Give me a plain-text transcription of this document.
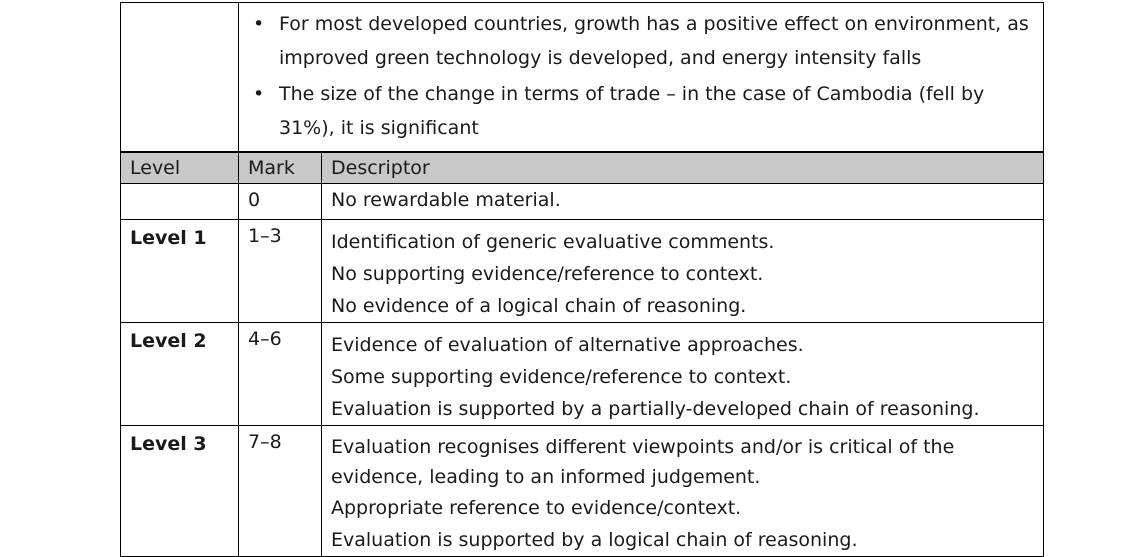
• For most developed countries, growth has a positive effect on environment, as improved green technology is developed, and energy intensity falls
• The size of the change in terms of trade – in the case of Cambodia (fell by 31%), it is significant
Level	Mark	Descriptor
	0	No rewardable material.

Level 1	1–3	Identification of generic evaluative comments.
No supporting evidence/reference to context.
No evidence of a logical chain of reasoning.

Level 2	4–6	Evidence of evaluation of alternative approaches.
Some supporting evidence/reference to context.
Evaluation is supported by a partially-developed chain of reasoning.

Level 3	7–8	Evaluation recognises different viewpoints and/or is critical of the evidence, leading to an informed judgement.
Appropriate reference to evidence/context.
Evaluation is supported by a logical chain of reasoning.
